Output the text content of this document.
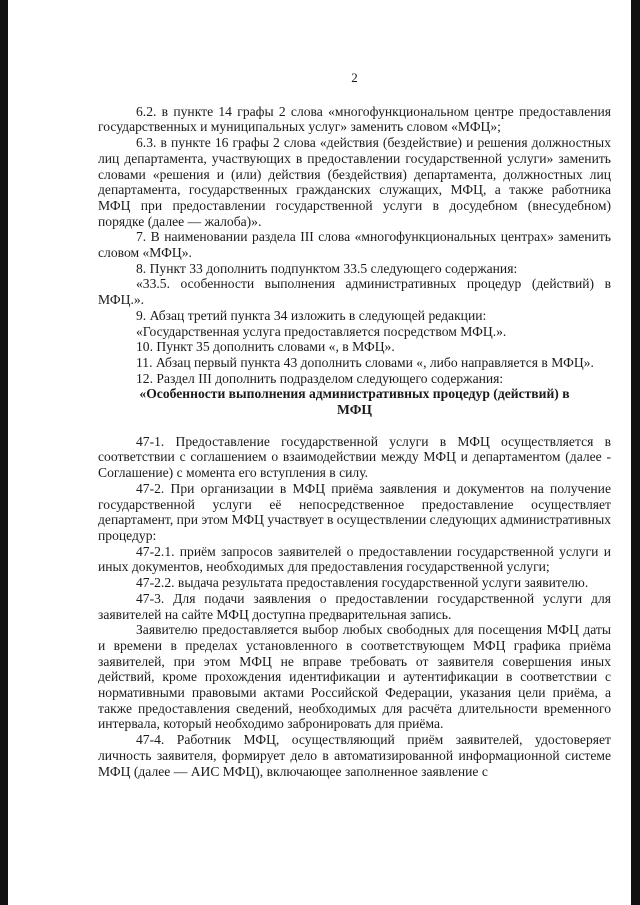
2

6.2. в пункте 14 графы 2 слова «многофункциональном центре предоставления государственных и муниципальных услуг» заменить словом «МФЦ»;

6.3. в пункте 16 графы 2 слова «действия (бездействие) и решения должностных лиц департамента, участвующих в предоставлении государственной услуги» заменить словами «решения и (или) действия (бездействия) департамента, должностных лиц департамента, государственных гражданских служащих, МФЦ, а также работника МФЦ при предоставлении государственной услуги в досудебном (внесудебном) порядке (далее — жалоба)».

7. В наименовании раздела III слова «многофункциональных центрах» заменить словом «МФЦ».

8. Пункт 33 дополнить подпунктом 33.5 следующего содержания:

«33.5. особенности выполнения административных процедур (действий) в МФЦ.».

9. Абзац третий пункта 34 изложить в следующей редакции:

«Государственная услуга предоставляется посредством МФЦ.».

10. Пункт 35 дополнить словами «, в МФЦ».

11. Абзац первый пункта 43 дополнить словами «, либо направляется в МФЦ».

12. Раздел III дополнить подразделом следующего содержания:

«Особенности выполнения административных процедур (действий) в МФЦ

47-1. Предоставление государственной услуги в МФЦ осуществляется в соответствии с соглашением о взаимодействии между МФЦ и департаментом (далее - Соглашение) с момента его вступления в силу.

47-2. При организации в МФЦ приёма заявления и документов на получение государственной услуги её непосредственное предоставление осуществляет департамент, при этом МФЦ участвует в осуществлении следующих административных процедур:

47-2.1. приём запросов заявителей о предоставлении государственной услуги и иных документов, необходимых для предоставления государственной услуги;

47-2.2. выдача результата предоставления государственной услуги заявителю.

47-3. Для подачи заявления о предоставлении государственной услуги для заявителей на сайте МФЦ доступна предварительная запись.

Заявителю предоставляется выбор любых свободных для посещения МФЦ даты и времени в пределах установленного в соответствующем МФЦ графика приёма заявителей, при этом МФЦ не вправе требовать от заявителя совершения иных действий, кроме прохождения идентификации и аутентификации в соответствии с нормативными правовыми актами Российской Федерации, указания цели приёма, а также предоставления сведений, необходимых для расчёта длительности временного интервала, который необходимо забронировать для приёма.

47-4. Работник МФЦ, осуществляющий приём заявителей, удостоверяет личность заявителя, формирует дело в автоматизированной информационной системе МФЦ (далее — АИС МФЦ), включающее заполненное заявление с
